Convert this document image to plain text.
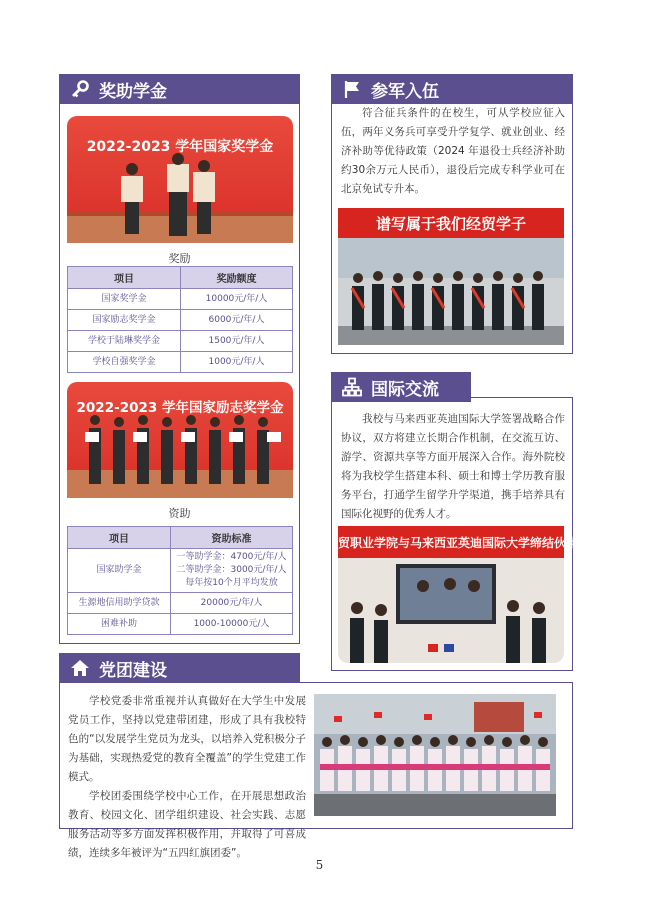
奖助学金
2022-2023 学年国家奖学金
奖励
项目	奖励额度
国家奖学金	10000元/年/人
国家励志奖学金	6000元/年/人
学校于陆琳奖学金	1500元/年/人
学校自强奖学金	1000元/年/人
2022-2023 学年国家励志奖学金
资助
项目	资助标准
国家助学金	一等助学金：4700元/年/人
二等助学金：3000元/年/人
每年按10个月平均发放

生源地信用助学贷款	20000元/年/人
困难补助	1000-10000元/人
参军入伍

符合征兵条件的在校生，可从学校应征入伍，两年义务兵可享受升学复学、就业创业、经济补助等优待政策（2024 年退役士兵经济补助约30余万元人民币），退役后完成专科学业可在北京免试专升本。

谱写属于我们经贸学子
国际交流

我校与马来西亚英迪国际大学签署战略合作协议，双方将建立长期合作机制，在交流互访、游学、资源共享等方面开展深入合作。海外院校将为我校学生搭建本科、硕士和博士学历教育服务平台，打通学生留学升学渠道，携手培养具有国际化视野的优秀人才。

贸职业学院与马来西亚英迪国际大学缔结伙伴学校签约仪式
党团建设

学校党委非常重视并认真做好在大学生中发展党员工作，坚持以党建带团建，形成了具有我校特色的“以发展学生党员为龙头，以培养入党积极分子为基础，实现热爱党的教育全覆盖”的学生党建工作模式。

学校团委围绕学校中心工作，在开展思想政治教育、校园文化、团学组织建设、社会实践、志愿服务活动等多方面发挥积极作用，并取得了可喜成绩，连续多年被评为“五四红旗团委”。

5
